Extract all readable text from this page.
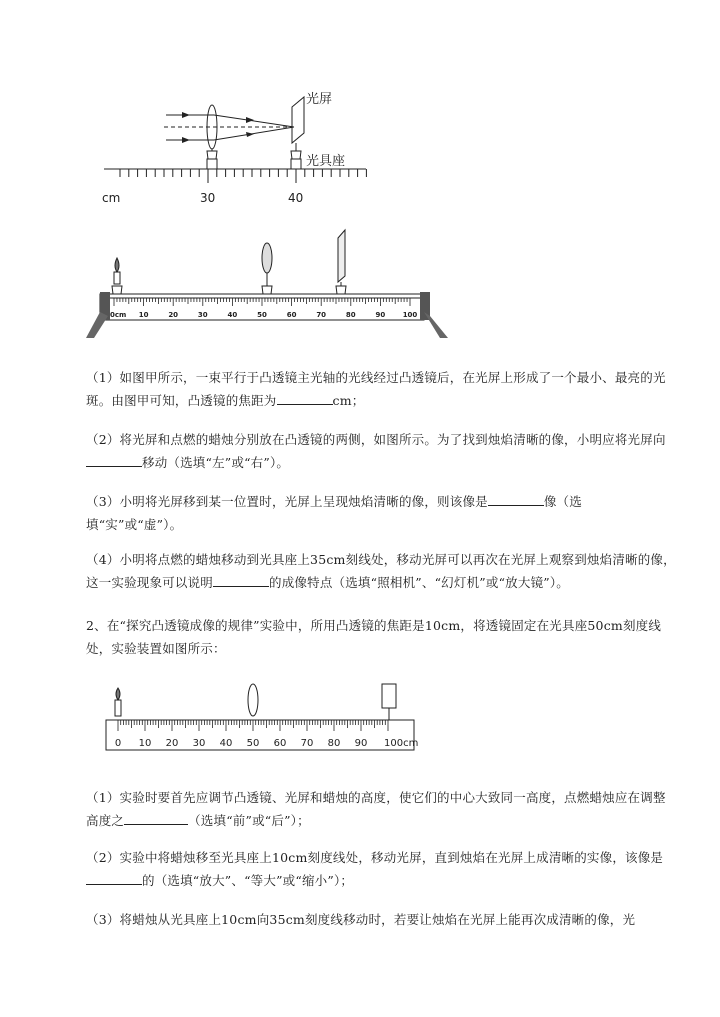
光屏
光具座
cm	30	40
0cm 10	20	30	40	50	60	70	80	90 100
（1）如图甲所示，一束平行于凸透镜主光轴的光线经过凸透镜后，在光屏上形成了一个最小、最亮的光斑。由图甲可知，凸透镜的焦距为	cm；
（2）将光屏和点燃的蜡烛分别放在凸透镜的两侧，如图所示。为了找到烛焰清晰的像，小明应将光屏向移动（选填“左”或“右”）。
（3）小明将光屏移到某一位置时，光屏上呈现烛焰清晰的像，则该像是	像（选填“实”或“虚”）。
（4）小明将点燃的蜡烛移动到光具座上35cm刻线处，移动光屏可以再次在光屏上观察到烛焰清晰的像，这一实验现象可以说明	的成像特点（选填“照相机”、“幻灯机”或“放大镜”）。
2、在“探究凸透镜成像的规律”实验中，所用凸透镜的焦距是10cm，将透镜固定在光具座50cm刻度线处，实验装置如图所示：
0 10 20 30 40 50 60 70 80 90 100cm
（1）实验时要首先应调节凸透镜、光屏和蜡烛的高度，使它们的中心大致同一高度，点燃蜡烛应在调整高度之	（选填“前”或“后”）；
（2）实验中将蜡烛移至光具座上10cm刻度线处，移动光屏，直到烛焰在光屏上成清晰的实像，该像是的（选填“放大”、“等大”或“缩小”）；
（3）将蜡烛从光具座上10cm向35cm刻度线移动时，若要让烛焰在光屏上能再次成清晰的像，光
